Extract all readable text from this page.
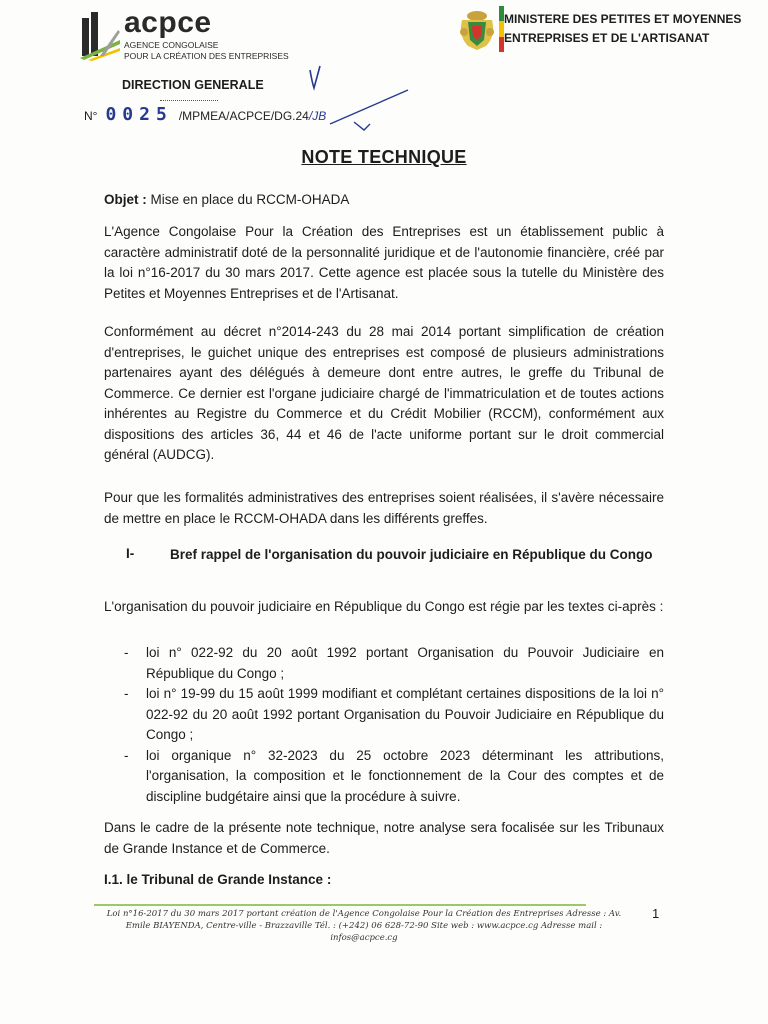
acpce
AGENCE CONGOLAISE
POUR LA CRÉATION DES ENTREPRISES
MINISTERE DES PETITES ET MOYENNES
ENTREPRISES ET DE L'ARTISANAT
DIRECTION GENERALE
N° 0025 /MPMEA/ACPCE/DG.24 /JB
NOTE TECHNIQUE
Objet : Mise en place du RCCM-OHADA
L'Agence Congolaise Pour la Création des Entreprises est un établissement public à caractère administratif doté de la personnalité juridique et de l'autonomie financière, créé par la loi n°16-2017 du 30 mars 2017. Cette agence est placée sous la tutelle du Ministère des Petites et Moyennes Entreprises et de l'Artisanat.
Conformément au décret n°2014-243 du 28 mai 2014 portant simplification de création d'entreprises, le guichet unique des entreprises est composé de plusieurs administrations partenaires ayant des délégués à demeure dont entre autres, le greffe du Tribunal de Commerce. Ce dernier est l'organe judiciaire chargé de l'immatriculation et de toutes actions inhérentes au Registre du Commerce et du Crédit Mobilier (RCCM), conformément aux dispositions des articles 36, 44 et 46 de l'acte uniforme portant sur le droit commercial général (AUDCG).
Pour que les formalités administratives des entreprises soient réalisées, il s'avère nécessaire de mettre en place le RCCM-OHADA dans les différents greffes.
I-	Bref rappel de l'organisation du pouvoir judiciaire en République du Congo
L'organisation du pouvoir judiciaire en République du Congo est régie par les textes ci-après :
- loi n° 022-92 du 20 août 1992 portant Organisation du Pouvoir Judiciaire en République du Congo ;
- loi n° 19-99 du 15 août 1999 modifiant et complétant certaines dispositions de la loi n° 022-92 du 20 août 1992 portant Organisation du Pouvoir Judiciaire en République du Congo ;
- loi organique n° 32-2023 du 25 octobre 2023 déterminant les attributions, l'organisation, la composition et le fonctionnement de la Cour des comptes et de discipline budgétaire ainsi que la procédure à suivre.
Dans le cadre de la présente note technique, notre analyse sera focalisée sur les Tribunaux de Grande Instance et de Commerce.
I.1. le Tribunal de Grande Instance :
Loi n°16-2017 du 30 mars 2017 portant création de l'Agence Congolaise Pour la Création des Entreprises Adresse : Av. Emile BIAYENDA, Centre-ville - Brazzaville Tél. : (+242) 06 628-72-90 Site web : www.acpce.cg Adresse mail : infos@acpce.cg
1
